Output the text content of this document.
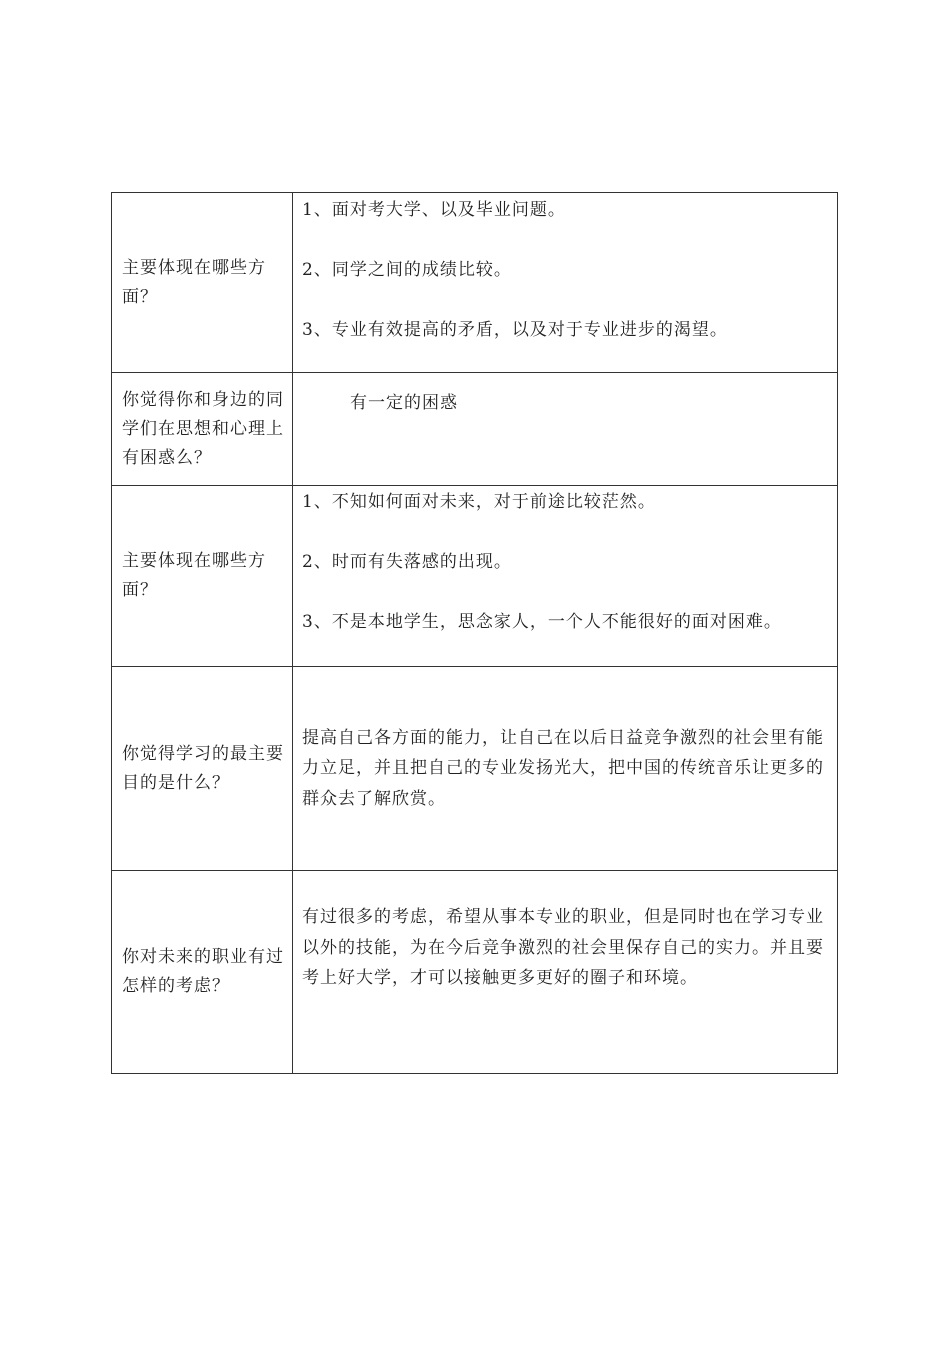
主要体现在哪些方面？	1、面对考大学、以及毕业问题。
2、同学之间的成绩比较。
3、专业有效提高的矛盾，以及对于专业进步的渴望。

你觉得你和身边的同学们在思想和心理上有困惑么？	有一定的困惑
主要体现在哪些方面？	1、不知如何面对未来，对于前途比较茫然。
2、时而有失落感的出现。
3、不是本地学生，思念家人，一个人不能很好的面对困难。

你觉得学习的最主要目的是什么？	提高自己各方面的能力，让自己在以后日益竞争激烈的社会里有能力立足，并且把自己的专业发扬光大，把中国的传统音乐让更多的群众去了解欣赏。

你对未来的职业有过怎样的考虑？	有过很多的考虑，希望从事本专业的职业，但是同时也在学习专业以外的技能，为在今后竞争激烈的社会里保存自己的实力。并且要考上好大学，才可以接触更多更好的圈子和环境。
